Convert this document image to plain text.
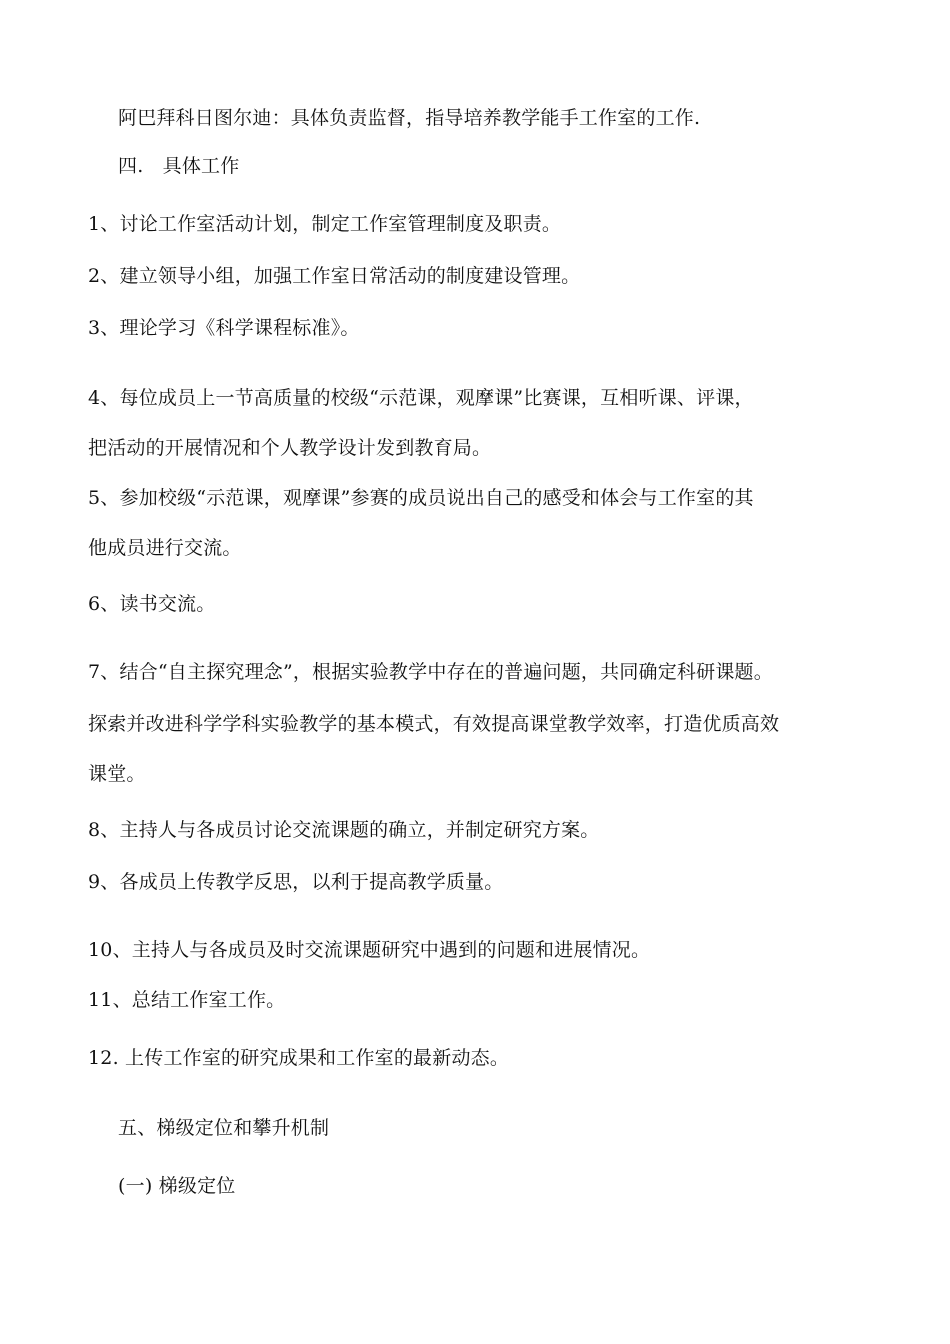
阿巴拜科日图尔迪：具体负责监督，指导培养教学能手工作室的工作.
四.　具体工作
1、讨论工作室活动计划，制定工作室管理制度及职责。
2、建立领导小组，加强工作室日常活动的制度建设管理。
3、理论学习《科学课程标准》。
4、每位成员上一节高质量的校级“示范课，观摩课”比赛课，互相听课、评课，
把活动的开展情况和个人教学设计发到教育局。
5、参加校级“示范课，观摩课”参赛的成员说出自己的感受和体会与工作室的其
他成员进行交流。
6、读书交流。
7、结合“自主探究理念”，根据实验教学中存在的普遍问题，共同确定科研课题。
探索并改进科学学科实验教学的基本模式，有效提高课堂教学效率，打造优质高效
课堂。
8、主持人与各成员讨论交流课题的确立，并制定研究方案。
9、各成员上传教学反思，以利于提高教学质量。
10、主持人与各成员及时交流课题研究中遇到的问题和进展情况。
11、总结工作室工作。
12. 上传工作室的研究成果和工作室的最新动态。
五、梯级定位和攀升机制
(一) 梯级定位
